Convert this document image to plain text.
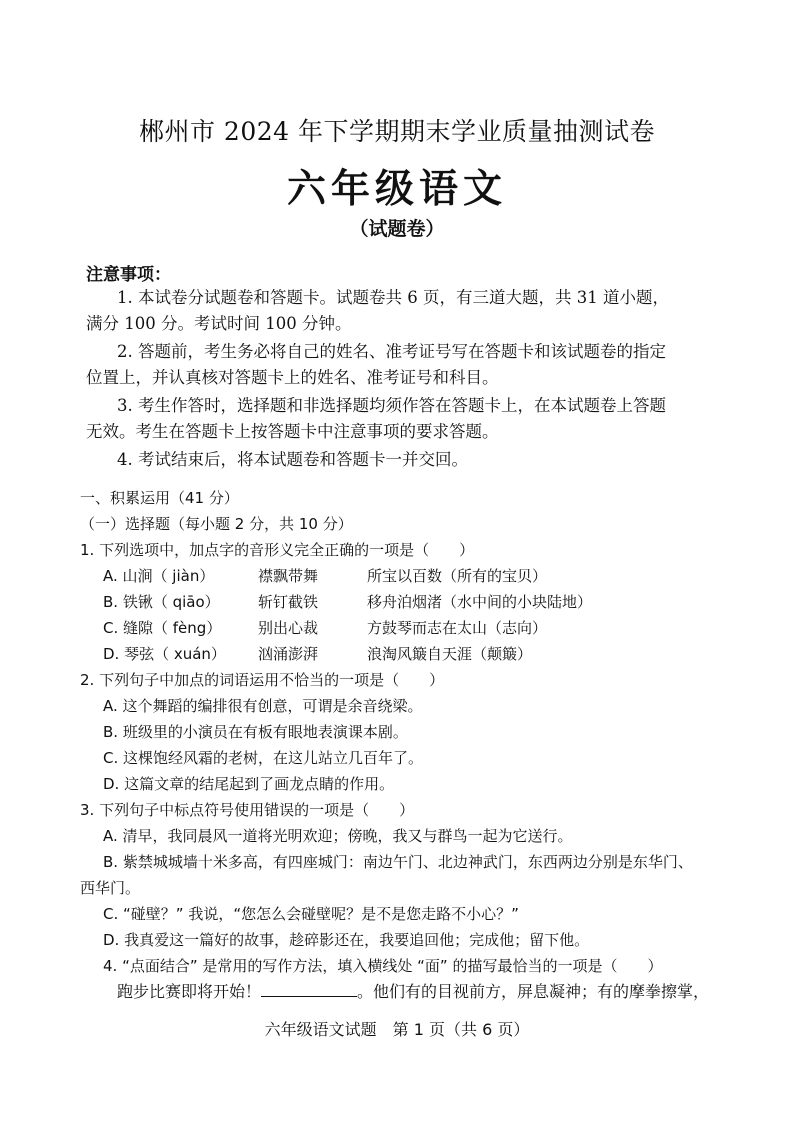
郴州市 2024 年下学期期末学业质量抽测试卷
六年级语文
（试题卷）
注意事项：
1. 本试卷分试题卷和答题卡。试题卷共 6 页，有三道大题，共 31 道小题，
满分 100 分。考试时间 100 分钟。
2. 答题前，考生务必将自己的姓名、准考证号写在答题卡和该试题卷的指定
位置上，并认真核对答题卡上的姓名、准考证号和科目。
3. 考生作答时，选择题和非选择题均须作答在答题卡上，在本试题卷上答题
无效。考生在答题卡上按答题卡中注意事项的要求答题。
4. 考试结束后，将本试题卷和答题卡一并交回。
一、积累运用（41 分）
（一）选择题（每小题 2 分，共 10 分）
1. 下列选项中，加点字的音形义完全正确的一项是（　　）
A. 山涧（ jiàn）	襟飘带舞	所宝以百数（所有的宝贝）
B. 铁锹（ qiāo）	斩钉截铁	移舟泊烟渚（水中间的小块陆地）
C. 缝隙（ fèng） 别出心裁	方鼓琴而志在太山（志向）
D. 琴弦（ xuán） 汹涌澎湃	浪淘风簸自天涯（颠簸）
2. 下列句子中加点的词语运用不恰当的一项是（　　）
A. 这个舞蹈的编排很有创意，可谓是余音绕梁。
B. 班级里的小演员在有板有眼地表演课本剧。
C. 这棵饱经风霜的老树，在这儿站立几百年了。
D. 这篇文章的结尾起到了画龙点睛的作用。
3. 下列句子中标点符号使用错误的一项是（　　）
A. 清早，我同晨风一道将光明欢迎；傍晚，我又与群鸟一起为它送行。
B. 紫禁城城墙十米多高，有四座城门：南边午门、北边神武门，东西两边分别是东华门、
西华门。
C. “碰壁？” 我说，“您怎么会碰壁呢？是不是您走路不小心？”
D. 我真爱这一篇好的故事，趁碎影还在，我要追回他；完成他；留下他。
4. “点面结合” 是常用的写作方法，填入横线处 “面” 的描写最恰当的一项是（　　）
跑步比赛即将开始！	。他们有的目视前方，屏息凝神；有的摩拳擦掌，
六年级语文试题　第 1 页（共 6 页）
